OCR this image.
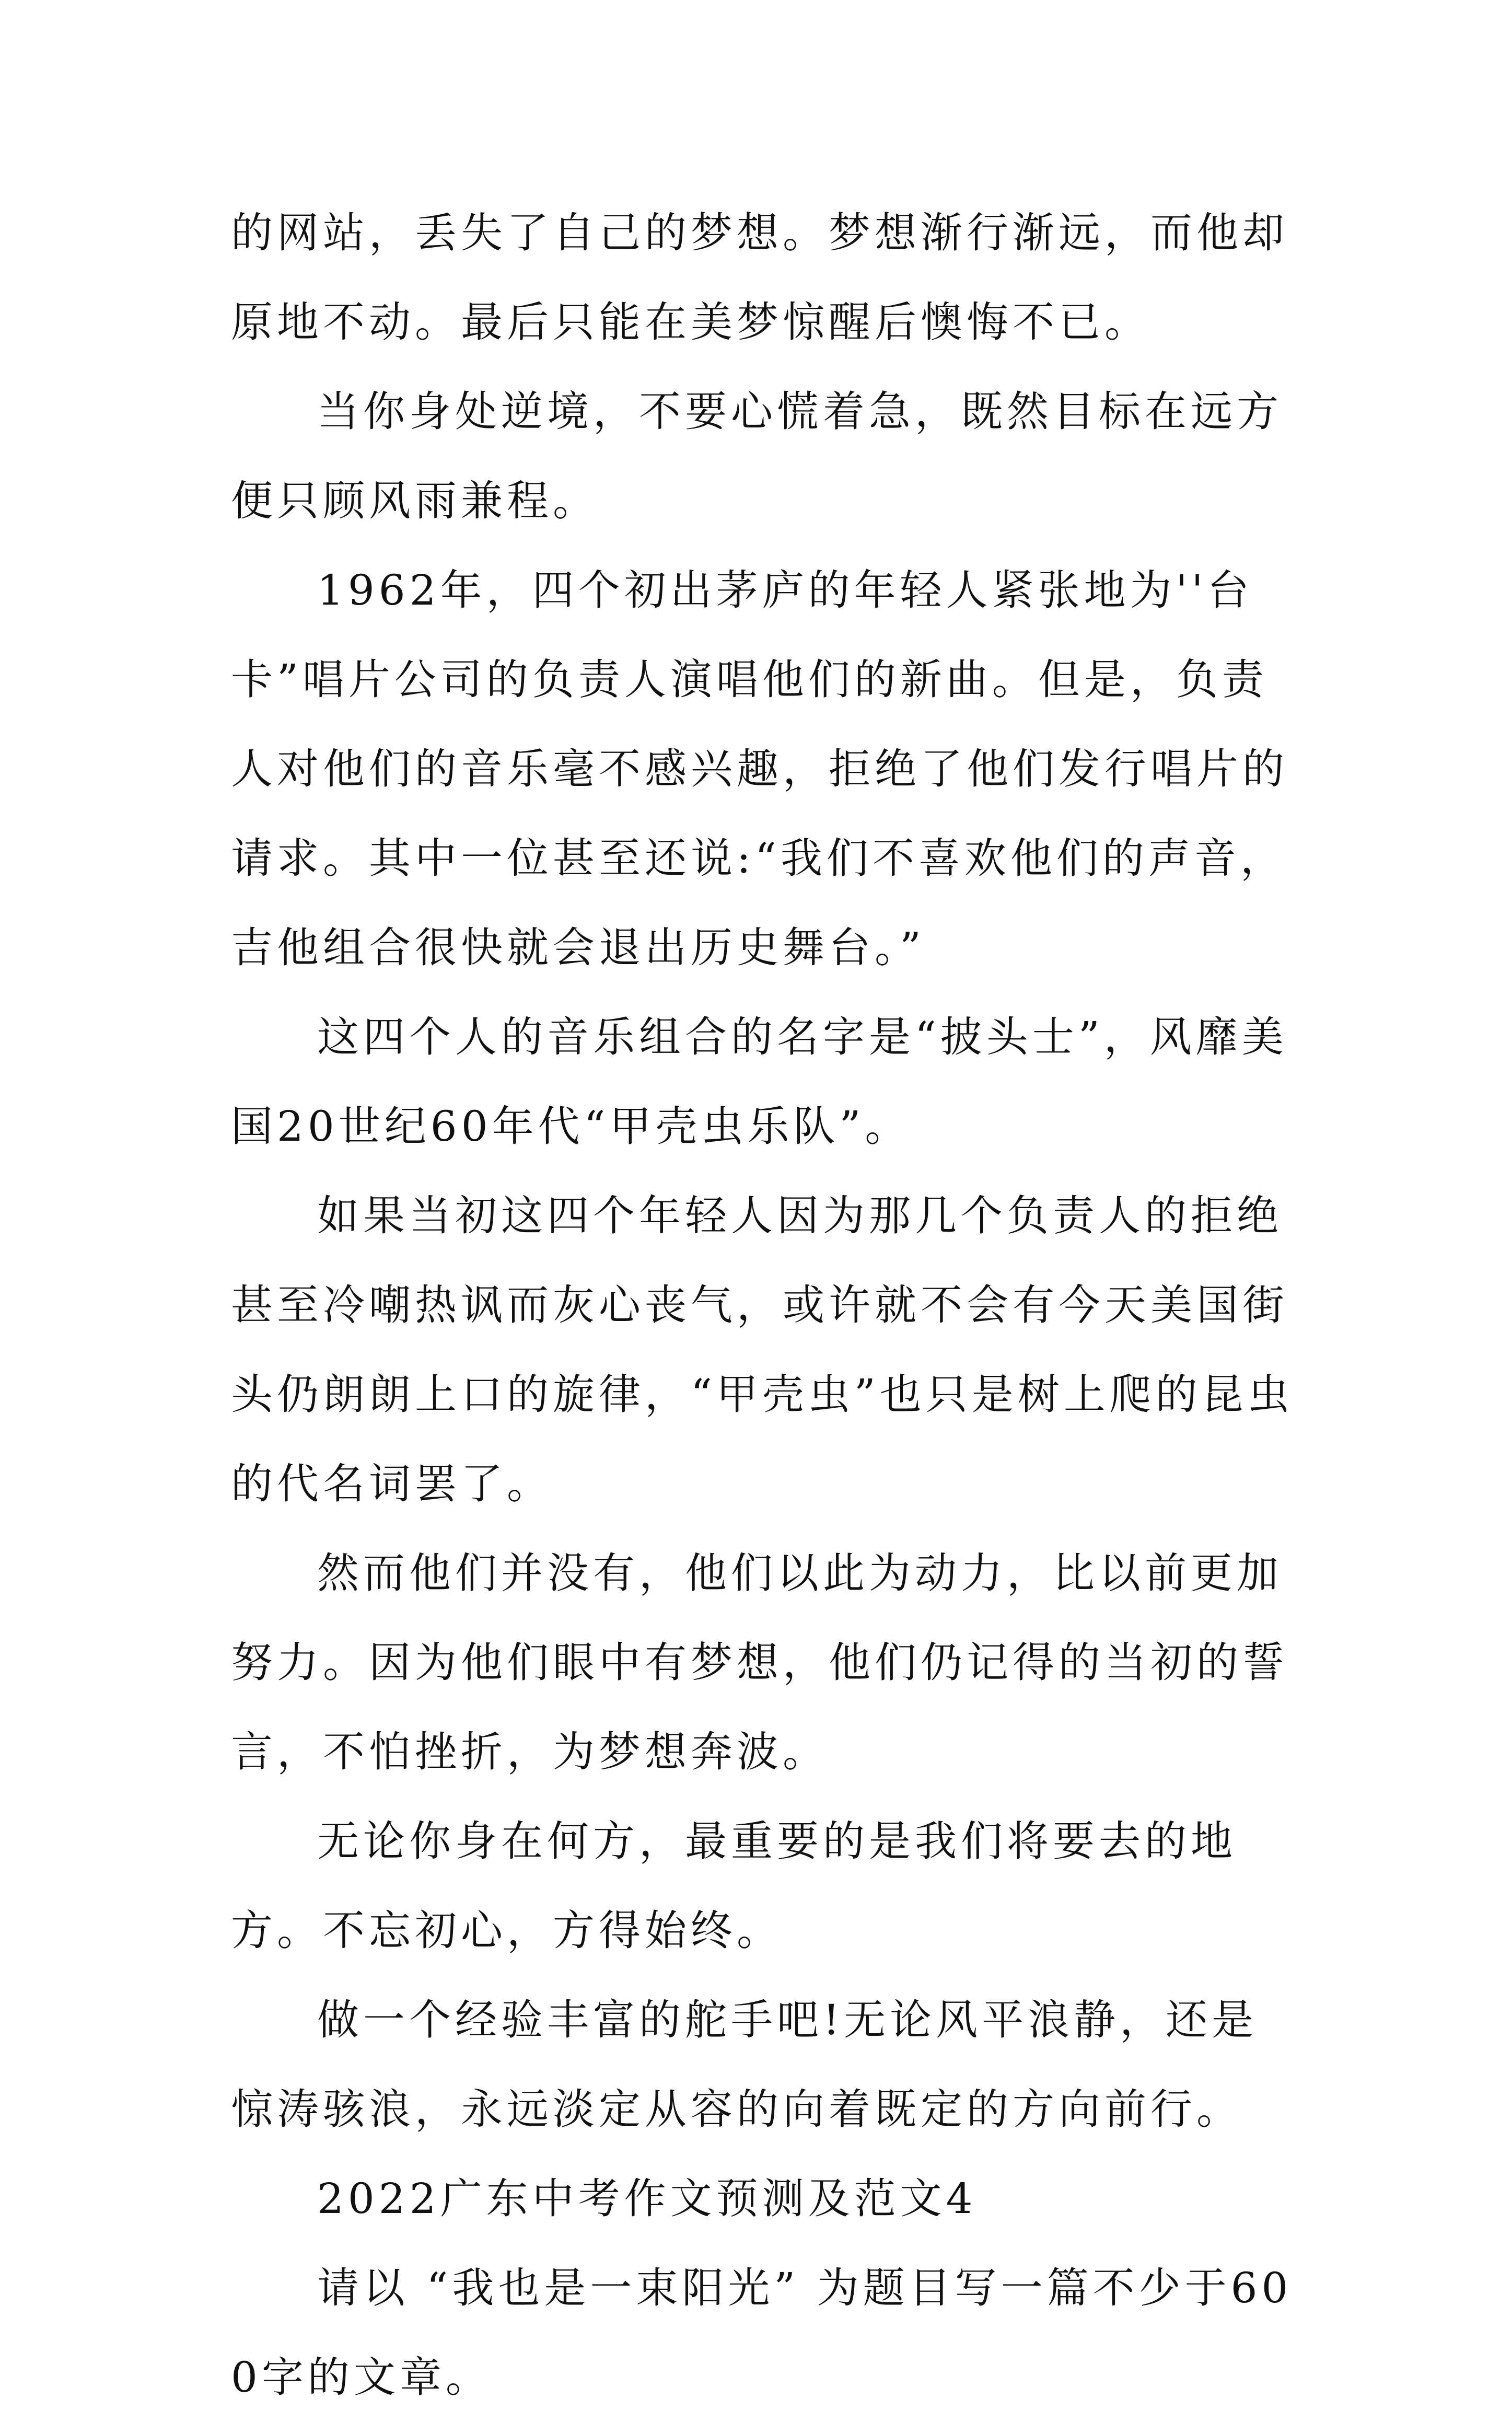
的网站，丢失了自己的梦想。梦想渐行渐远，而他却原地不动。最后只能在美梦惊醒后懊悔不已。

当你身处逆境，不要心慌着急，既然目标在远方便只顾风雨兼程。

1962年，四个初出茅庐的年轻人紧张地为''台卡”唱片公司的负责人演唱他们的新曲。但是，负责人对他们的音乐毫不感兴趣，拒绝了他们发行唱片的请求。其中一位甚至还说:“我们不喜欢他们的声音，吉他组合很快就会退出历史舞台。”

这四个人的音乐组合的名字是“披头士”，风靡美国20世纪60年代“甲壳虫乐队”。

如果当初这四个年轻人因为那几个负责人的拒绝甚至冷嘲热讽而灰心丧气，或许就不会有今天美国街头仍朗朗上口的旋律，“甲壳虫”也只是树上爬的昆虫的代名词罢了。

然而他们并没有，他们以此为动力，比以前更加努力。因为他们眼中有梦想，他们仍记得的当初的誓言，不怕挫折，为梦想奔波。

无论你身在何方，最重要的是我们将要去的地方。不忘初心，方得始终。

做一个经验丰富的舵手吧!无论风平浪静，还是惊涛骇浪，永远淡定从容的向着既定的方向前行。

2022广东中考作文预测及范文4

请以 “我也是一束阳光” 为题目写一篇不少于600字的文章。
